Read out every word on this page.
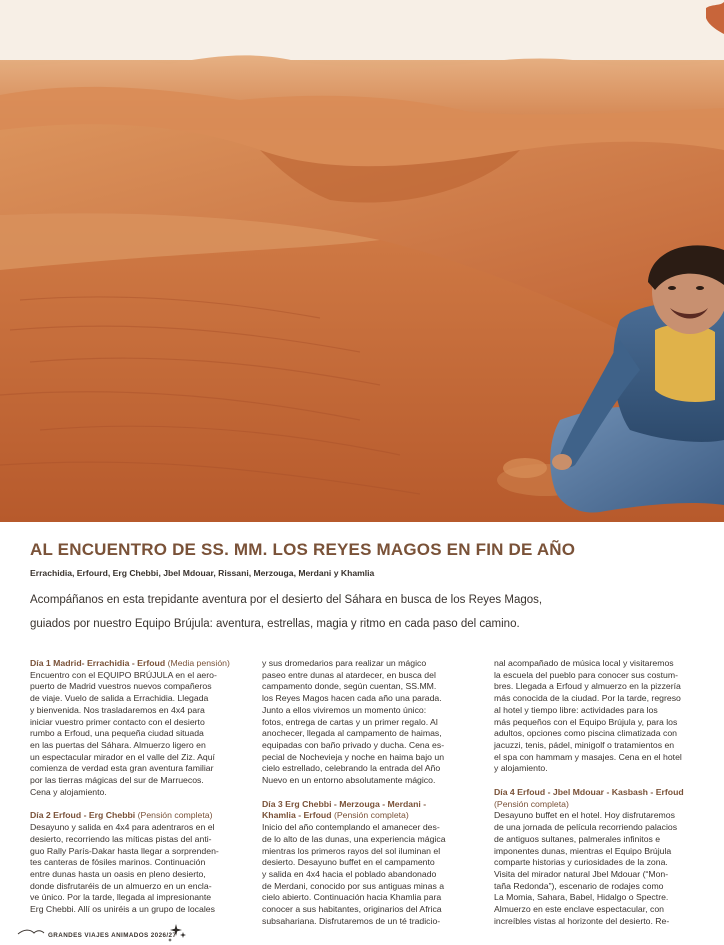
AL ENCUENTRO DE SS. MM. LOS REYES MAGOS EN FIN DE AÑO
Errachidia, Erfourd, Erg Chebbi, Jbel Mdouar, Rissani, Merzouga, Merdani y Khamlia
Acompáñanos en esta trepidante aventura por el desierto del Sáhara en busca de los Reyes Magos,
guiados por nuestro Equipo Brújula: aventura, estrellas, magia y ritmo en cada paso del camino.

Día 1 Madrid- Errachidia - Erfoud (Media pensión)

Encuentro con el EQUIPO BRÚJULA en el aero-

puerto de Madrid vuestros nuevos compañeros

de viaje. Vuelo de salida a Errachidia. Llegada

y bienvenida. Nos trasladaremos en 4x4 para

iniciar vuestro primer contacto con el desierto

rumbo a Erfoud, una pequeña ciudad situada

en las puertas del Sáhara. Almuerzo ligero en

un espectacular mirador en el valle del Ziz. Aquí

comienza de verdad esta gran aventura familiar

por las tierras mágicas del sur de Marruecos.

Cena y alojamiento.

Día 2 Erfoud - Erg Chebbi (Pensión completa)

Desayuno y salida en 4x4 para adentraros en el

desierto, recorriendo las míticas pistas del anti-

guo Rally París-Dakar hasta llegar a sorprenden-

tes canteras de fósiles marinos. Continuación

entre dunas hasta un oasis en pleno desierto,

donde disfrutaréis de un almuerzo en un encla-

ve único. Por la tarde, llegada al impresionante

Erg Chebbi. Allí os uniréis a un grupo de locales

y sus dromedarios para realizar un mágico

paseo entre dunas al atardecer, en busca del

campamento donde, según cuentan, SS.MM.

los Reyes Magos hacen cada año una parada.

Junto a ellos viviremos un momento único:

fotos, entrega de cartas y un primer regalo. Al

anochecer, llegada al campamento de haimas,

equipadas con baño privado y ducha. Cena es-

pecial de Nochevieja y noche en haima bajo un

cielo estrellado, celebrando la entrada del Año

Nuevo en un entorno absolutamente mágico.

Día 3 Erg Chebbi - Merzouga - Merdani -

Khamlia - Erfoud (Pensión completa)

Inicio del año contemplando el amanecer des-

de lo alto de las dunas, una experiencia mágica

mientras los primeros rayos del sol iluminan el

desierto. Desayuno buffet en el campamento

y salida en 4x4 hacia el poblado abandonado

de Merdani, conocido por sus antiguas minas a

cielo abierto. Continuación hacia Khamlia para

conocer a sus habitantes, originarios del Africa

subsahariana. Disfrutaremos de un té tradicio-

nal acompañado de música local y visitaremos

la escuela del pueblo para conocer sus costum-

bres. Llegada a Erfoud y almuerzo en la pizzería

más conocida de la ciudad. Por la tarde, regreso

al hotel y tiempo libre: actividades para los

más pequeños con el Equipo Brújula y, para los

adultos, opciones como piscina climatizada con

jacuzzi, tenis, pádel, minigolf o tratamientos en

el spa con hammam y masajes. Cena en el hotel

y alojamiento.

Día 4 Erfoud - Jbel Mdouar - Kasbash - Erfoud

(Pensión completa)

Desayuno buffet en el hotel. Hoy disfrutaremos

de una jornada de película recorriendo palacios

de antiguos sultanes, palmerales infinitos e

imponentes dunas, mientras el Equipo Brújula

comparte historias y curiosidades de la zona.

Visita del mirador natural Jbel Mdouar (“Mon-

taña Redonda”), escenario de rodajes como

La Momia, Sahara, Babel, Hidalgo o Spectre.

Almuerzo en este enclave espectacular, con

increíbles vistas al horizonte del desierto. Re-

GRANDES VIAJES ANIMADOS 2026/27
